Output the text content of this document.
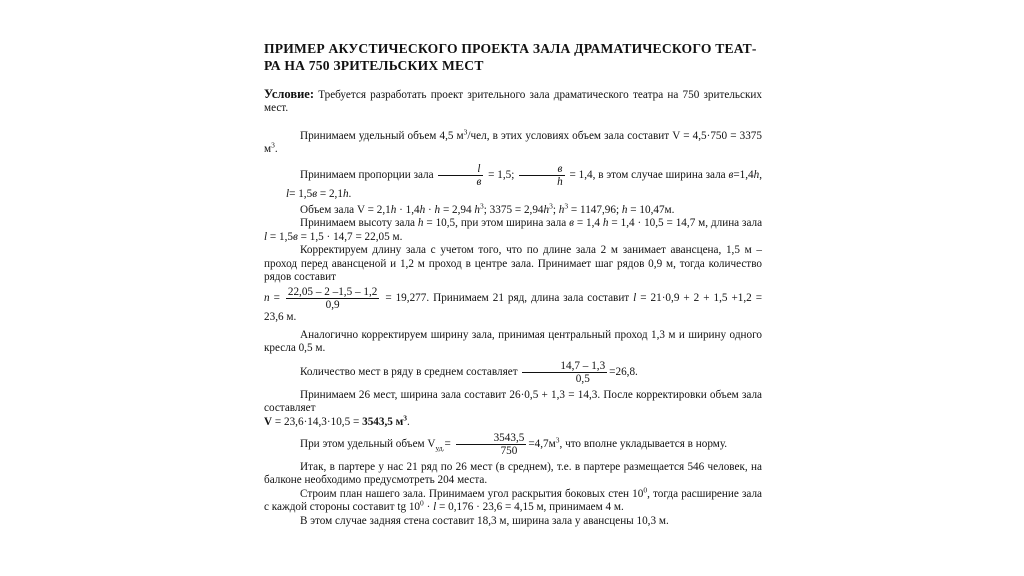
ПРИМЕР АКУСТИЧЕСКОГО ПРОЕКТА ЗАЛА ДРАМАТИЧЕСКОГО ТЕАТ-
РА НА 750 ЗРИТЕЛЬСКИХ МЕСТ

Условие: Требуется разработать проект зрительного зала драматического театра на 750 зрительских мест.

Принимаем удельный объем 4,5 $м^3$/чел, в этих условиях объем зала составит V = 4,5·750 = 3375 $м^3$.

Принимаем пропорции зала $\frac{l}{в} = 1,5$; $\frac{в}{h} = 1,4$, в этом случае ширина зала в=1,4h, l= 1,5в = 2,1h.

Объем зала V = 2,1h · 1,4h · h = 2,94 $h^3$; $3375 = 2,94h^3$; $h^3 = 1147,96$; h = 10,47м.

Принимаем высоту зала h = 10,5, при этом ширина зала в = 1,4 h = 1,4 · 10,5 = 14,7 м, длина зала l = 1,5в = 1,5 · 14,7 = 22,05 м.

Корректируем длину зала с учетом того, что по длине зала 2 м занимает авансцена, 1,5 м – проход перед авансценой и 1,2 м проход в центре зала. Принимает шаг рядов 0,9 м, тогда количество рядов составит

$n = \frac{22,05 - 2 -1,5 - 1,2}{0,9} = 19,277$. Принимаем 21 ряд, длина зала составит l = 21·0,9 + 2 + 1,5 +1,2 = 23,6 м.

Аналогично корректируем ширину зала, принимая центральный проход 1,3 м и ширину одного кресла 0,5 м.

Количество мест в ряду в среднем составляет $\frac{14,7 - 1,3}{0,5} =26,8$.

Принимаем 26 мест, ширина зала составит 26·0,5 + 1,3 = 14,3. После корректировки объем зала составляет

V = 23,6·14,3·10,5 = 3543,5 $м^3$.

При этом удельный объем $V_{уд.}= \frac{3543,5}{750} =4,7м^3$, что вполне укладывается в норму.

Итак, в партере у нас 21 ряд по 26 мест (в среднем), т.е. в партере размещается 546 человек, на балконе необходимо предусмотреть 204 места.

Строим план нашего зала. Принимаем угол раскрытия боковых стен $10^0$, тогда расширение зала с каждой стороны составит tg $10^0 \cdot l = 0,176 \cdot 23,6 = 4,15$ м, принимаем 4 м.

В этом случае задняя стена составит 18,3 м, ширина зала у авансцены 10,3 м.
